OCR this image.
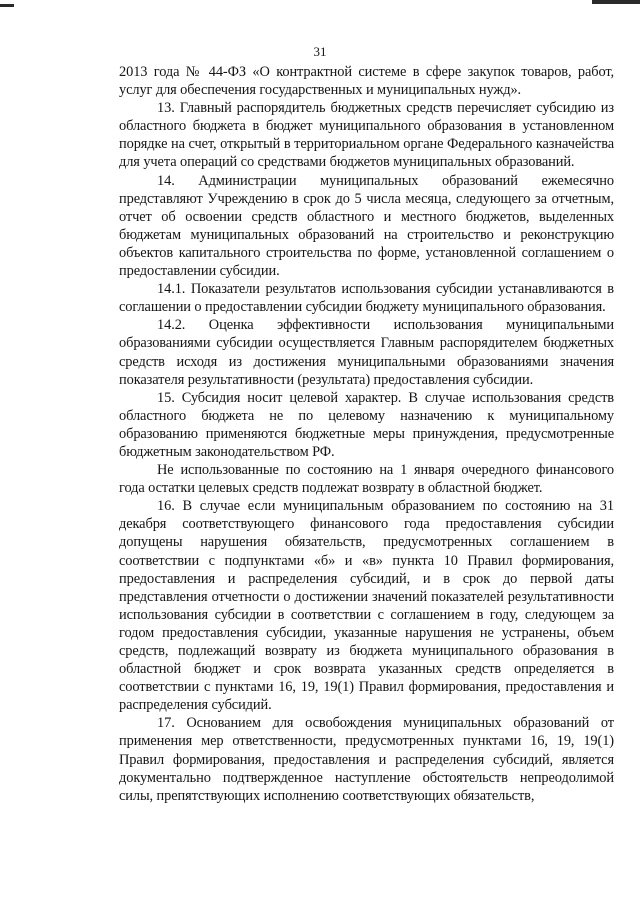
31

2013 года № 44-ФЗ «О контрактной системе в сфере закупок товаров, работ, услуг для обеспечения государственных и муниципальных нужд».

13. Главный распорядитель бюджетных средств перечисляет субсидию из областного бюджета в бюджет муниципального образования в установленном порядке на счет, открытый в территориальном органе Федерального казначейства для учета операций со средствами бюджетов муниципальных образований.

14. Администрации муниципальных образований ежемесячно представляют Учреждению в срок до 5 числа месяца, следующего за отчетным, отчет об освоении средств областного и местного бюджетов, выделенных бюджетам муниципальных образований на строительство и реконструкцию объектов капитального строительства по форме, установленной соглашением о предоставлении субсидии.

14.1. Показатели результатов использования субсидии устанавливаются в соглашении о предоставлении субсидии бюджету муниципального образования.

14.2. Оценка эффективности использования муниципальными образованиями субсидии осуществляется Главным распорядителем бюджетных средств исходя из достижения муниципальными образованиями значения показателя результативности (результата) предоставления субсидии.

15. Субсидия носит целевой характер. В случае использования средств областного бюджета не по целевому назначению к муниципальному образованию применяются бюджетные меры принуждения, предусмотренные бюджетным законодательством РФ.

Не использованные по состоянию на 1 января очередного финансового года остатки целевых средств подлежат возврату в областной бюджет.

16. В случае если муниципальным образованием по состоянию на 31 декабря соответствующего финансового года предоставления субсидии допущены нарушения обязательств, предусмотренных соглашением в соответствии с подпунктами «б» и «в» пункта 10 Правил формирования, предоставления и распределения субсидий, и в срок до первой даты представления отчетности о достижении значений показателей результативности использования субсидии в соответствии с соглашением в году, следующем за годом предоставления субсидии, указанные нарушения не устранены, объем средств, подлежащий возврату из бюджета муниципального образования в областной бюджет и срок возврата указанных средств определяется в соответствии с пунктами 16, 19, 19(1) Правил формирования, предоставления и распределения субсидий.

17. Основанием для освобождения муниципальных образований от применения мер ответственности, предусмотренных пунктами 16, 19, 19(1) Правил формирования, предоставления и распределения субсидий, является документально подтвержденное наступление обстоятельств непреодолимой силы, препятствующих исполнению соответствующих обязательств,
